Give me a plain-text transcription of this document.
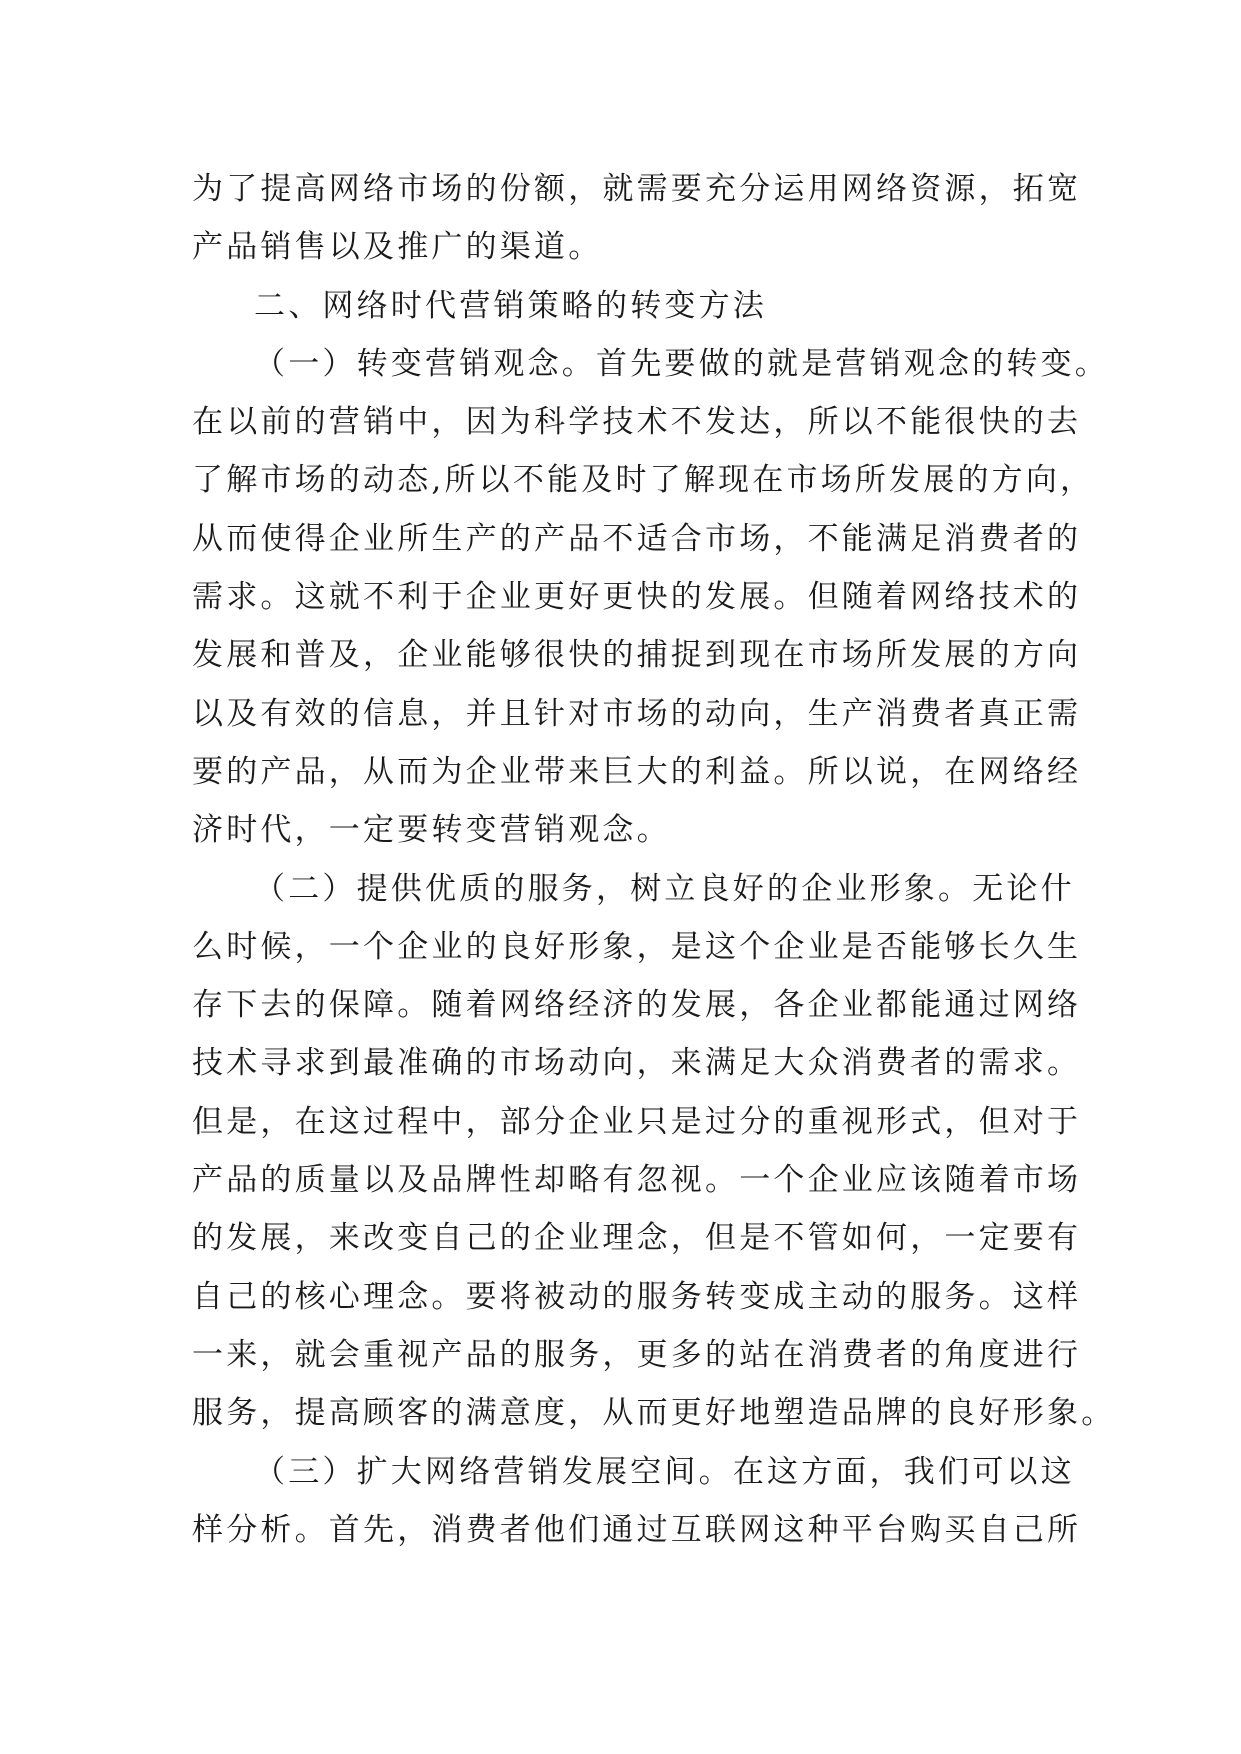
为了提高网络市场的份额，就需要充分运用网络资源，拓宽
产品销售以及推广的渠道。
二、网络时代营销策略的转变方法
（一）转变营销观念。首先要做的就是营销观念的转变。
在以前的营销中，因为科学技术不发达，所以不能很快的去
了解市场的动态,所以不能及时了解现在市场所发展的方向，
从而使得企业所生产的产品不适合市场，不能满足消费者的
需求。这就不利于企业更好更快的发展。但随着网络技术的
发展和普及，企业能够很快的捕捉到现在市场所发展的方向
以及有效的信息，并且针对市场的动向，生产消费者真正需
要的产品，从而为企业带来巨大的利益。所以说，在网络经
济时代，一定要转变营销观念。
（二）提供优质的服务，树立良好的企业形象。无论什
么时候，一个企业的良好形象，是这个企业是否能够长久生
存下去的保障。随着网络经济的发展，各企业都能通过网络
技术寻求到最准确的市场动向，来满足大众消费者的需求。
但是，在这过程中，部分企业只是过分的重视形式，但对于
产品的质量以及品牌性却略有忽视。一个企业应该随着市场
的发展，来改变自己的企业理念，但是不管如何，一定要有
自己的核心理念。要将被动的服务转变成主动的服务。这样
一来，就会重视产品的服务，更多的站在消费者的角度进行
服务，提高顾客的满意度，从而更好地塑造品牌的良好形象。
（三）扩大网络营销发展空间。在这方面，我们可以这
样分析。首先，消费者他们通过互联网这种平台购买自己所
